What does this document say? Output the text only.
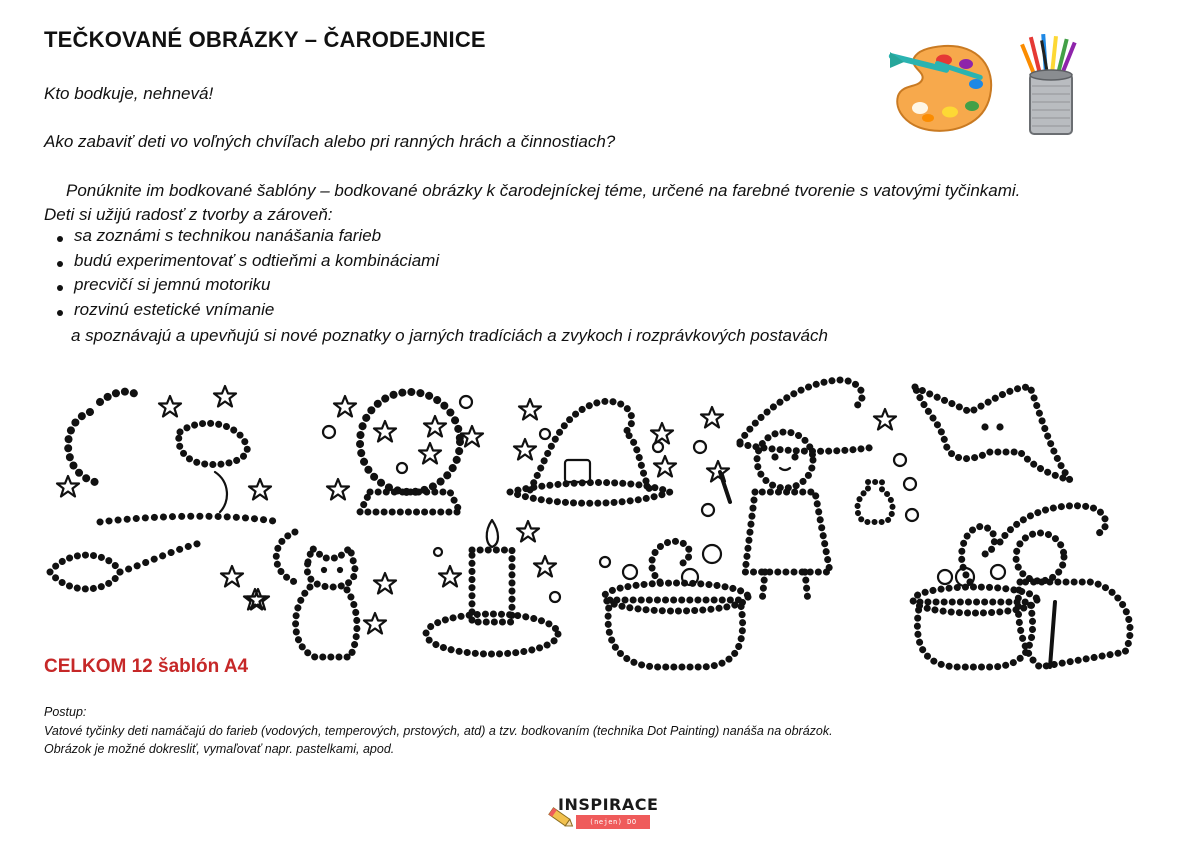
TEČKOVANÉ OBRÁZKY – ČARODEJNICE
Kto bodkuje, nehnevá!
Ako zabaviť deti vo voľných chvíľach alebo pri ranných hrách a činnostiach?
Ponúknite im bodkované šablóny – bodkované obrázky k čarodejníckej téme, určené na farebné tvorenie s vatovými tyčinkami.
Deti si užijú radosť z tvorby a zároveň:
sa zoznámi s technikou nanášania farieb
budú experimentovať s odtieňmi a kombináciami
precvičí si jemnú motoriku
rozvinú estetické vnímanie
a spoznávajú a upevňujú si nové poznatky o jarných tradíciách a zvykoch i rozprávkových postavách
CELKOM 12 šablón A4
Postup:
Vatové tyčinky deti namáčajú do farieb (vodových, temperových, prstových, atd) a tzv. bodkovaním (technika Dot Painting) nanáša na obrázok.
Obrázok je možné dokresliť, vymaľovať napr. pastelkami, apod.
INSPIRACE
(nejen) DO ŠKOLKY
